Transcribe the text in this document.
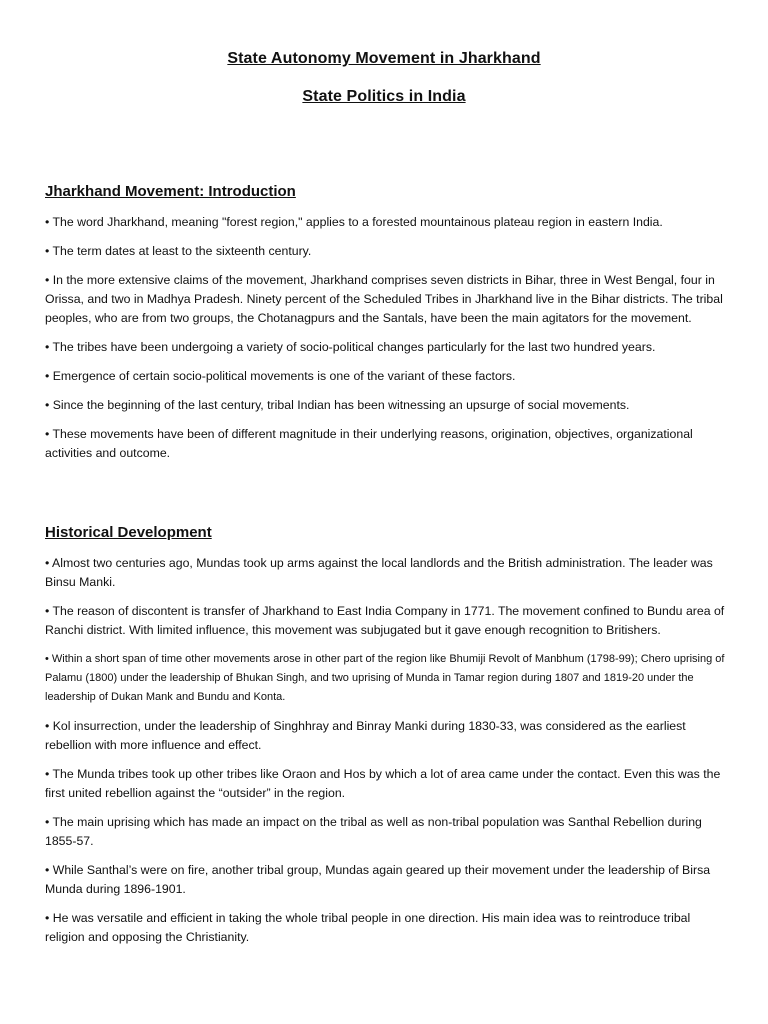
State Autonomy Movement in Jharkhand
State Politics in India
Jharkhand Movement: Introduction

• The word Jharkhand, meaning "forest region," applies to a forested mountainous plateau region in eastern India.

• The term dates at least to the sixteenth century.

• In the more extensive claims of the movement, Jharkhand comprises seven districts in Bihar, three in West Bengal, four in Orissa, and two in Madhya Pradesh. Ninety percent of the Scheduled Tribes in Jharkhand live in the Bihar districts. The tribal peoples, who are from two groups, the Chotanagpurs and the Santals, have been the main agitators for the movement.

• The tribes have been undergoing a variety of socio-political changes particularly for the last two hundred years.

• Emergence of certain socio-political movements is one of the variant of these factors.

• Since the beginning of the last century, tribal Indian has been witnessing an upsurge of social movements.

• These movements have been of different magnitude in their underlying reasons, origination, objectives, organizational activities and outcome.

Historical Development

• Almost two centuries ago, Mundas took up arms against the local landlords and the British administration. The leader was Binsu Manki.

• The reason of discontent is transfer of Jharkhand to East India Company in 1771. The movement confined to Bundu area of Ranchi district. With limited influence, this movement was subjugated but it gave enough recognition to Britishers.

• Within a short span of time other movements arose in other part of the region like Bhumiji Revolt of Manbhum (1798-99); Chero uprising of Palamu (1800) under the leadership of Bhukan Singh, and two uprising of Munda in Tamar region during 1807 and 1819-20 under the leadership of Dukan Mank and Bundu and Konta.

• Kol insurrection, under the leadership of Singhhray and Binray Manki during 1830-33, was considered as the earliest rebellion with more influence and effect.

• The Munda tribes took up other tribes like Oraon and Hos by which a lot of area came under the contact. Even this was the first united rebellion against the “outsider” in the region.

• The main uprising which has made an impact on the tribal as well as non-tribal population was Santhal Rebellion during 1855-57.

• While Santhal’s were on fire, another tribal group, Mundas again geared up their movement under the leadership of Birsa Munda during 1896-1901.

• He was versatile and efficient in taking the whole tribal people in one direction. His main idea was to reintroduce tribal religion and opposing the Christianity.
